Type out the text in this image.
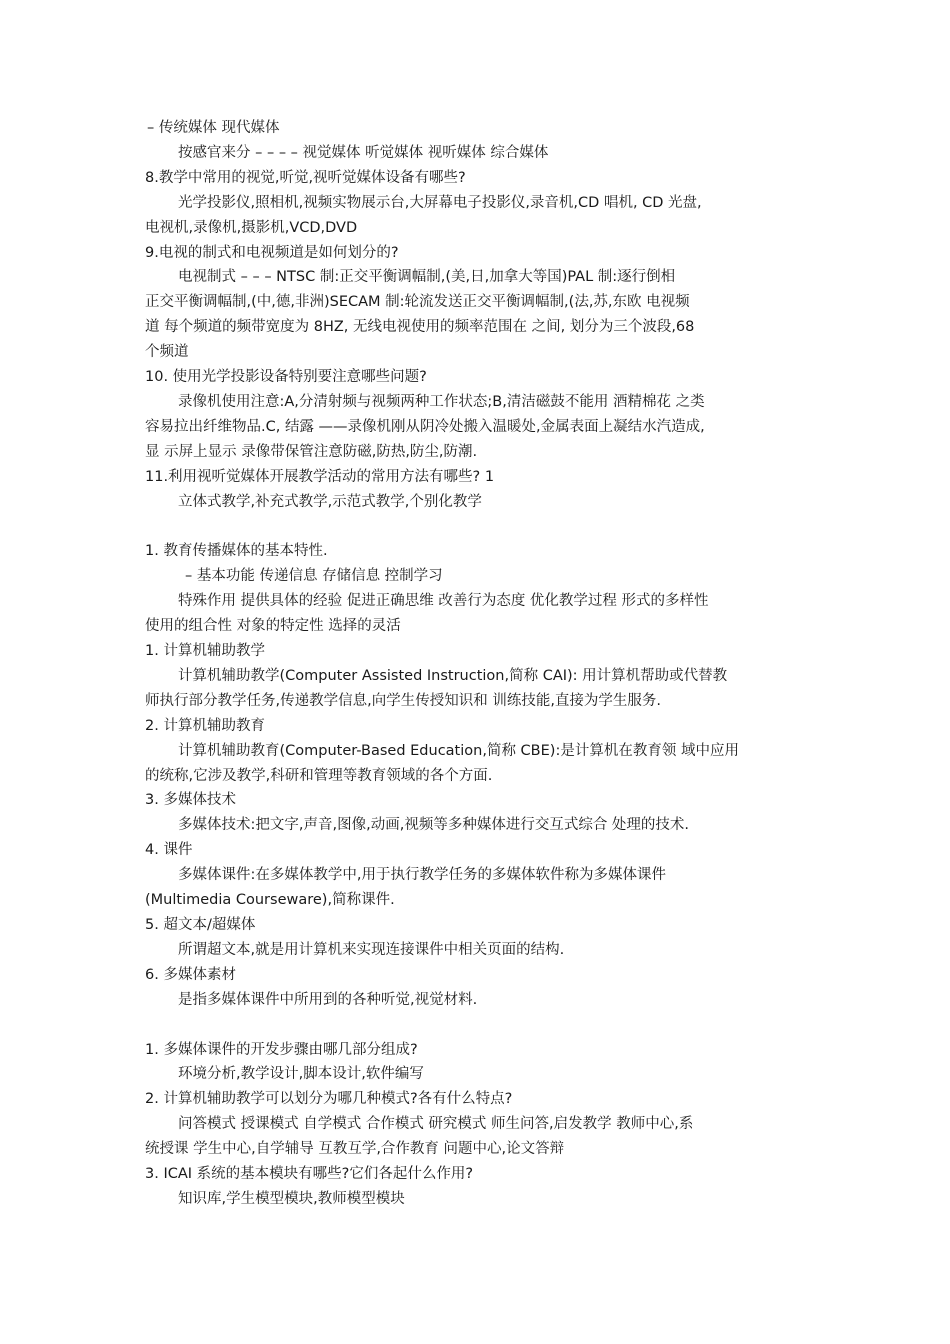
– 传统媒体 现代媒体
按感官来分 – – – – 视觉媒体 听觉媒体 视听媒体 综合媒体
8.教学中常用的视觉,听觉,视听觉媒体设备有哪些?
光学投影仪,照相机,视频实物展示台,大屏幕电子投影仪,录音机,CD 唱机, CD 光盘,
电视机,录像机,摄影机,VCD,DVD
9.电视的制式和电视频道是如何划分的?
电视制式 – – – NTSC 制:正交平衡调幅制,(美,日,加拿大等国)PAL 制:逐行倒相
正交平衡调幅制,(中,德,非洲)SECAM 制:轮流发送正交平衡调幅制,(法,苏,东欧 电视频
道 每个频道的频带宽度为 8HZ, 无线电视使用的频率范围在 之间, 划分为三个波段,68
个频道
10. 使用光学投影设备特别要注意哪些问题?
录像机使用注意:A,分清射频与视频两种工作状态;B,清洁磁鼓不能用 酒精棉花 之类
容易拉出纤维物品.C, 结露 ——录像机刚从阴冷处搬入温暖处,金属表面上凝结水汽造成,
显 示屏上显示 录像带保管注意防磁,防热,防尘,防潮.
11.利用视听觉媒体开展教学活动的常用方法有哪些? 1
立体式教学,补充式教学,示范式教学,个别化教学
1. 教育传播媒体的基本特性.
– 基本功能 传递信息 存储信息 控制学习
特殊作用 提供具体的经验 促进正确思维 改善行为态度 优化教学过程 形式的多样性
使用的组合性 对象的特定性 选择的灵活
1. 计算机辅助教学
计算机辅助教学(Computer Assisted Instruction,简称 CAI): 用计算机帮助或代替教
师执行部分教学任务,传递教学信息,向学生传授知识和 训练技能,直接为学生服务.
2. 计算机辅助教育
计算机辅助教育(Computer-Based Education,简称 CBE):是计算机在教育领 域中应用
的统称,它涉及教学,科研和管理等教育领域的各个方面.
3. 多媒体技术
多媒体技术:把文字,声音,图像,动画,视频等多种媒体进行交互式综合 处理的技术.
4. 课件
多媒体课件:在多媒体教学中,用于执行教学任务的多媒体软件称为多媒体课件
(Multimedia Courseware),简称课件.
5. 超文本/超媒体
所谓超文本,就是用计算机来实现连接课件中相关页面的结构.
6. 多媒体素材
是指多媒体课件中所用到的各种听觉,视觉材料.
1. 多媒体课件的开发步骤由哪几部分组成?
环境分析,教学设计,脚本设计,软件编写
2. 计算机辅助教学可以划分为哪几种模式?各有什么特点?
问答模式 授课模式 自学模式 合作模式 研究模式 师生问答,启发教学 教师中心,系
统授课 学生中心,自学辅导 互教互学,合作教育 问题中心,论文答辩
3. ICAI 系统的基本模块有哪些?它们各起什么作用?
知识库,学生模型模块,教师模型模块
